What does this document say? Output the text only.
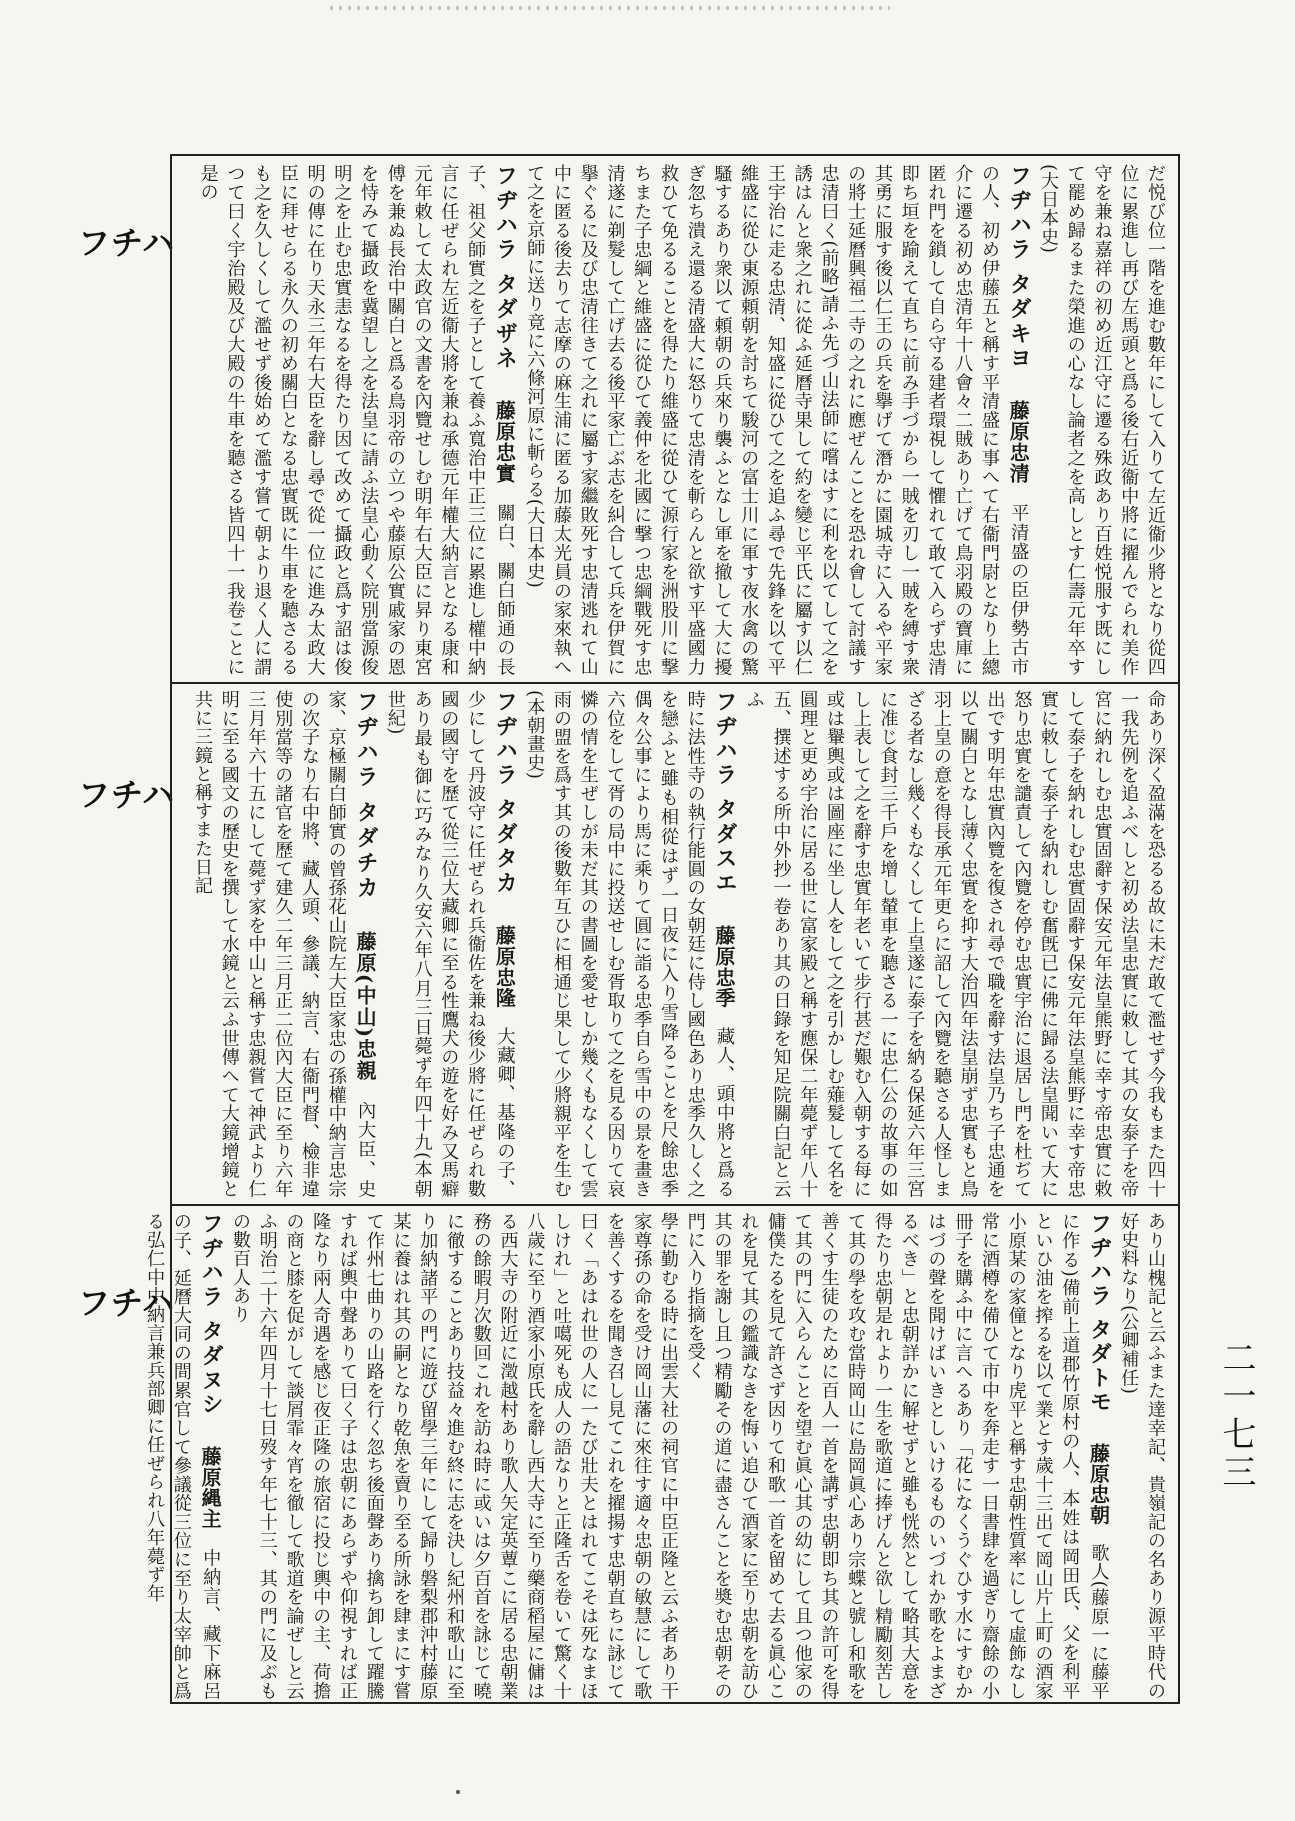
フチハ
フチハ
フチハ
二一七三
だ悦び位一階を進む數年にして入りて左近衞少將となり從四位に累進し再び左馬頭と爲る後右近衞中將に擢んでられ美作守を兼ね嘉祥の初め近江守に遷る殊政あり百姓悦服す既にして罷め歸るまた榮進の心なし論者之を高しとす仁壽元年卒す(大日本史)
フヂハラ タダキヨ　藤原忠清　平清盛の臣伊勢古市の人、初め伊藤五と稱す平清盛に事へて右衞門尉となり上總介に遷る初め忠清年十八會々二賊あり亡げて鳥羽殿の寶庫に匿れ門を鎖して自ら守る建者環視して懼れて敢て入らず忠清即ち垣を踰えて直ちに前み手づから一賊を刃し一賊を縛す衆其勇に服す後以仁王の兵を擧げて潛かに園城寺に入るや平家の將士延曆興福二寺の之れに應ぜんことを恐れ會して討議す忠清曰く(前略)請ふ先づ山法師に嚐はすに利を以てして之を誘はんと衆之れに從ふ延曆寺果して約を變じ平氏に屬す以仁王宇治に走る忠清、知盛に從ひて之を追ふ尋で先鋒を以て平維盛に從ひ東源頼朝を討ちて駿河の富士川に軍す夜水禽の驚騷するあり衆以て頼朝の兵來り襲ふとなし軍を撤して大に擾ぎ忽ち潰え還る清盛大に怒りて忠清を斬らんと欲す平盛國力救ひて免るることを得たり維盛に從ひて源行家を洲股川に撃ちまた子忠綱と維盛に從ひて義仲を北國に撃つ忠綱戰死す忠清遂に剃髮して亡げ去る後平家亡ぶ志を糾合して兵を伊賀に擧ぐるに及び忠清往きて之れに屬す家繼敗死す忠清逃れて山中に匿る後去りて志摩の麻生浦に匿る加藤太光員の家來執へて之を京師に送り竟に六條河原に斬らる(大日本史)
フヂハラ タダザネ　藤原忠實　關白、關白師通の長子、祖父師實之を子として養ふ寬治中正三位に累進し權中納言に任ぜられ左近衞大將を兼ね承德元年權大納言となる康和元年敕して太政官の文書を內覽せしむ明年右大臣に昇り東宮傅を兼ぬ長治中關白と爲る鳥羽帝の立つや藤原公實戚家の恩を恃みて攝政を冀望し之を法皇に請ふ法皇心動く院別當源俊明之を止む忠實恚なるを得たり因て改めて攝政と爲す詔は俊明の傳に在り天永三年右大臣を辭し尋で從一位に進み太政大臣に拜せらる永久の初め關白となる忠實既に牛車を聽さるるも之を久しくして濫せず後始めて濫す嘗て朝より退く人に謂つて曰く宇治殿及び大殿の牛車を聽さる皆四十一我卷ことに是の
命あり深く盈滿を恐るる故に未だ敢て濫せず今我もまた四十一我先例を追ふべしと初め法皇忠實に敕して其の女泰子を帝宮に納れしむ忠實固辭す保安元年法皇熊野に幸す帝忠實に敕して泰子を納れしむ忠實固辭す保安元年法皇熊野に幸す帝忠實に敕して泰子を納れしむ奮旣已に佛に歸る法皇聞いて大に怒り忠實を譴責して內覽を停む忠實宇治に退居し門を杜ぢて出です明年忠實內覽を復され尋で職を辭す法皇乃ち子忠通を以て關白となし薄く忠實を抑す大治四年法皇崩ず忠實もと鳥羽上皇の意を得長承元年更らに詔して內覽を聽さる人怪しまざる者なし幾くもなくして上皇遂に泰子を納る保延六年三宮に准じ食封三千戶を增し輦車を聽さる一に忠仁公の故事の如し上表して之を辭す忠實年老いて步行甚だ艱む入朝する每に或は轝輿或は圖座に坐し人をして之を引かしむ薙髮して名を圓理と更め宇治に居る世に富家殿と稱す應保二年薨ず年八十五、撰述する所中外抄一卷あり其の日錄を知足院關白記と云ふ
フヂハラ タダスエ　藤原忠季　藏人、頭中將と爲る時に法性寺の執行能圓の女朝廷に侍し國色あり忠季久しく之を戀ふと雖も相從はず一日夜に入り雪降ることを尺餘忠季偶々公事により馬に乘りて圓に詣る忠季自ら雪中の景を畫き六位をして胥の局中に投送せしむ胥取りて之を見る因りて哀憐の情を生ぜしが未だ其の書圖を愛せしか幾くもなくして雲雨の盟を爲す其の後數年互ひに相通じ果して少將親平を生む(本朝畫史)
フヂハラ タダタカ　藤原忠隆　大藏卿、基隆の子、少にして丹波守に任ぜられ兵衞佐を兼ね後少將に任ぜられ數國の國守を歷て從三位大藏卿に至る性鷹犬の遊を好み又馬癖あり最も御に巧みなり久安六年八月三日薨ず年四十九(本朝世紀)
フヂハラ タダチカ　藤原(中山)忠親　內大臣、史家、京極關白師實の曾孫花山院左大臣家忠の孫權中納言忠宗の次子なり右中將、藏人頭、參議、納言、右衞門督、檢非違使別當等の諸官を歷て建久二年三月正二位內大臣に至り六年三月年六十五にして薨ず家を中山と稱す忠親嘗て神武より仁明に至る國文の歷史を撰して水鏡と云ふ世傳へて大鏡增鏡と共に三鏡と稱すまた日記
あり山槐記と云ふまた達幸記、貴嶺記の名あり源平時代の好史料なり(公卿補任)
フヂハラ タダトモ　藤原忠朝　歌人(藤原一に藤平に作る)備前上道郡竹原村の人、本姓は岡田氏、父を利平といひ油を搾るを以て業とす歲十三出て岡山片上町の酒家小原某の家僮となり虎平と稱す忠朝性質率にして虛飾なし常に酒樽を備ひて市中を奔走す一日書肆を過ぎり齋餘の小冊子を購ふ中に言へるあり「花になくうぐひす水にすむかはづの聲を聞けばいきとしいけるものいづれか歌をよまざるべき」と忠朝詳かに解せずと雖も恍然として略其大意を得たり忠朝是れより一生を歌道に捧げんと欲し精勵刻苦して其の學を攻む當時岡山に島岡眞心あり宗蝶と號し和歌を善くす生徒のために百人一首を講ず忠朝即ち其の許可を得て其の門に入らんことを望む眞心其の幼にして且つ他家の傭僕たるを見て許さず因りて和歌一首を留めて去る眞心これを見て其の鑑識なきを悔い追ひて酒家に至り忠朝を訪ひ其の罪を謝し且つ精勵その道に盡さんことを奬む忠朝その門に入り指摘を受く
學に勤むる時に出雲大社の祠官に中臣正隆と云ふ者あり干家尊孫の命を受け岡山藩に來往す適々忠朝の敏慧にして歌を善くするを聞き召し見てこれを擢揚す忠朝直ちに詠じて曰く「あはれ世の人に一たび壯夫とはれてこそは死なまほしけれ」と吐噶死も成人の語なりと正隆舌を卷いて驚く十八歲に至り酒家小原氏を辭し西大寺に至り藥商稻屋に傭はる西大寺の附近に澂越村あり歌人矢定英蕈こに居る忠朝業務の餘暇月次數回これを訪ね時に或いは夕百首を詠じて曉に徹することあり技益々進む終に志を決し紀州和歌山に至り加納諸平の門に遊び留學三年にして歸り磐梨郡沖村藤原某に養はれ其の嗣となり乾魚を賣り至る所詠を肆まにす嘗て作州七曲りの山路を行く忽ち後面聲あり擒ち卸して躍騰すれば輿中聲ありて曰く子は忠朝にあらずや仰視すれば正隆なり兩人奇遇を感じ夜正隆の旅宿に投じ輿中の主、荷擔の商と膝を促がして談屑霏々宵を徹して歌道を論ぜしと云ふ明治二十六年四月十七日歿す年七十三、其の門に及ぶもの數百人あり
フヂハラ タダヌシ　藤原縄主　中納言、藏下麻呂の子、延曆大同の間累官して參議從三位に至り太宰帥と爲る弘仁中中納言兼兵部卿に任ぜられ八年薨ず年
